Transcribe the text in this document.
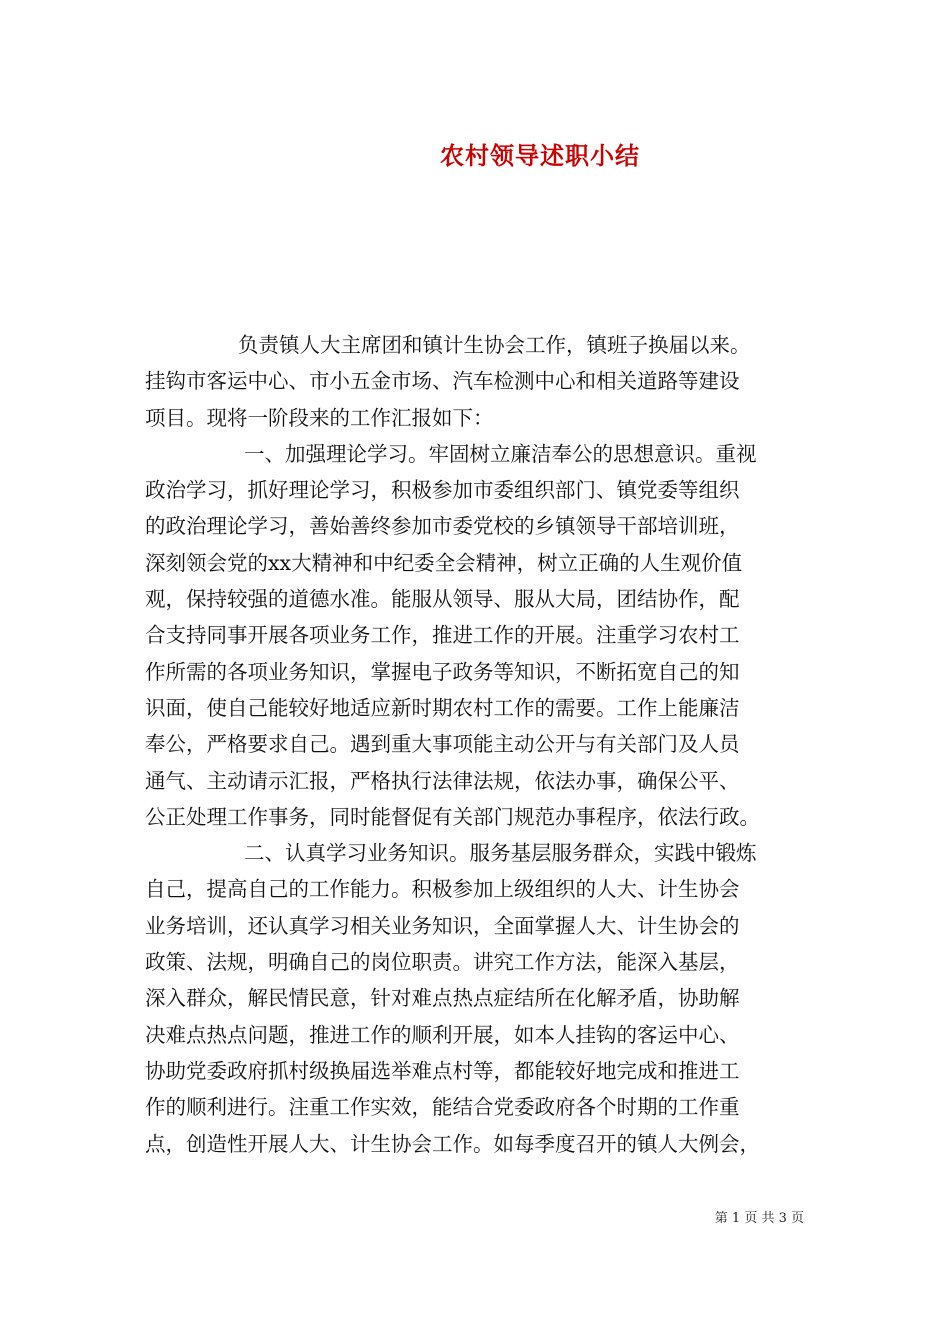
农村领导述职小结
负责镇人大主席团和镇计生协会工作，镇班子换届以来。
挂钩市客运中心、市小五金市场、汽车检测中心和相关道路等建设
项目。现将一阶段来的工作汇报如下：
一、加强理论学习。牢固树立廉洁奉公的思想意识。重视
政治学习，抓好理论学习，积极参加市委组织部门、镇党委等组织
的政治理论学习，善始善终参加市委党校的乡镇领导干部培训班，
深刻领会党的xx大精神和中纪委全会精神，树立正确的人生观价值
观，保持较强的道德水准。能服从领导、服从大局，团结协作，配
合支持同事开展各项业务工作，推进工作的开展。注重学习农村工
作所需的各项业务知识，掌握电子政务等知识，不断拓宽自己的知
识面，使自己能较好地适应新时期农村工作的需要。工作上能廉洁
奉公，严格要求自己。遇到重大事项能主动公开与有关部门及人员
通气、主动请示汇报，严格执行法律法规，依法办事，确保公平、
公正处理工作事务，同时能督促有关部门规范办事程序，依法行政。
二、认真学习业务知识。服务基层服务群众，实践中锻炼
自己，提高自己的工作能力。积极参加上级组织的人大、计生协会
业务培训，还认真学习相关业务知识，全面掌握人大、计生协会的
政策、法规，明确自己的岗位职责。讲究工作方法，能深入基层，
深入群众，解民情民意，针对难点热点症结所在化解矛盾，协助解
决难点热点问题，推进工作的顺利开展，如本人挂钩的客运中心、
协助党委政府抓村级换届选举难点村等，都能较好地完成和推进工
作的顺利进行。注重工作实效，能结合党委政府各个时期的工作重
点，创造性开展人大、计生协会工作。如每季度召开的镇人大例会，
第 1 页 共 3 页
